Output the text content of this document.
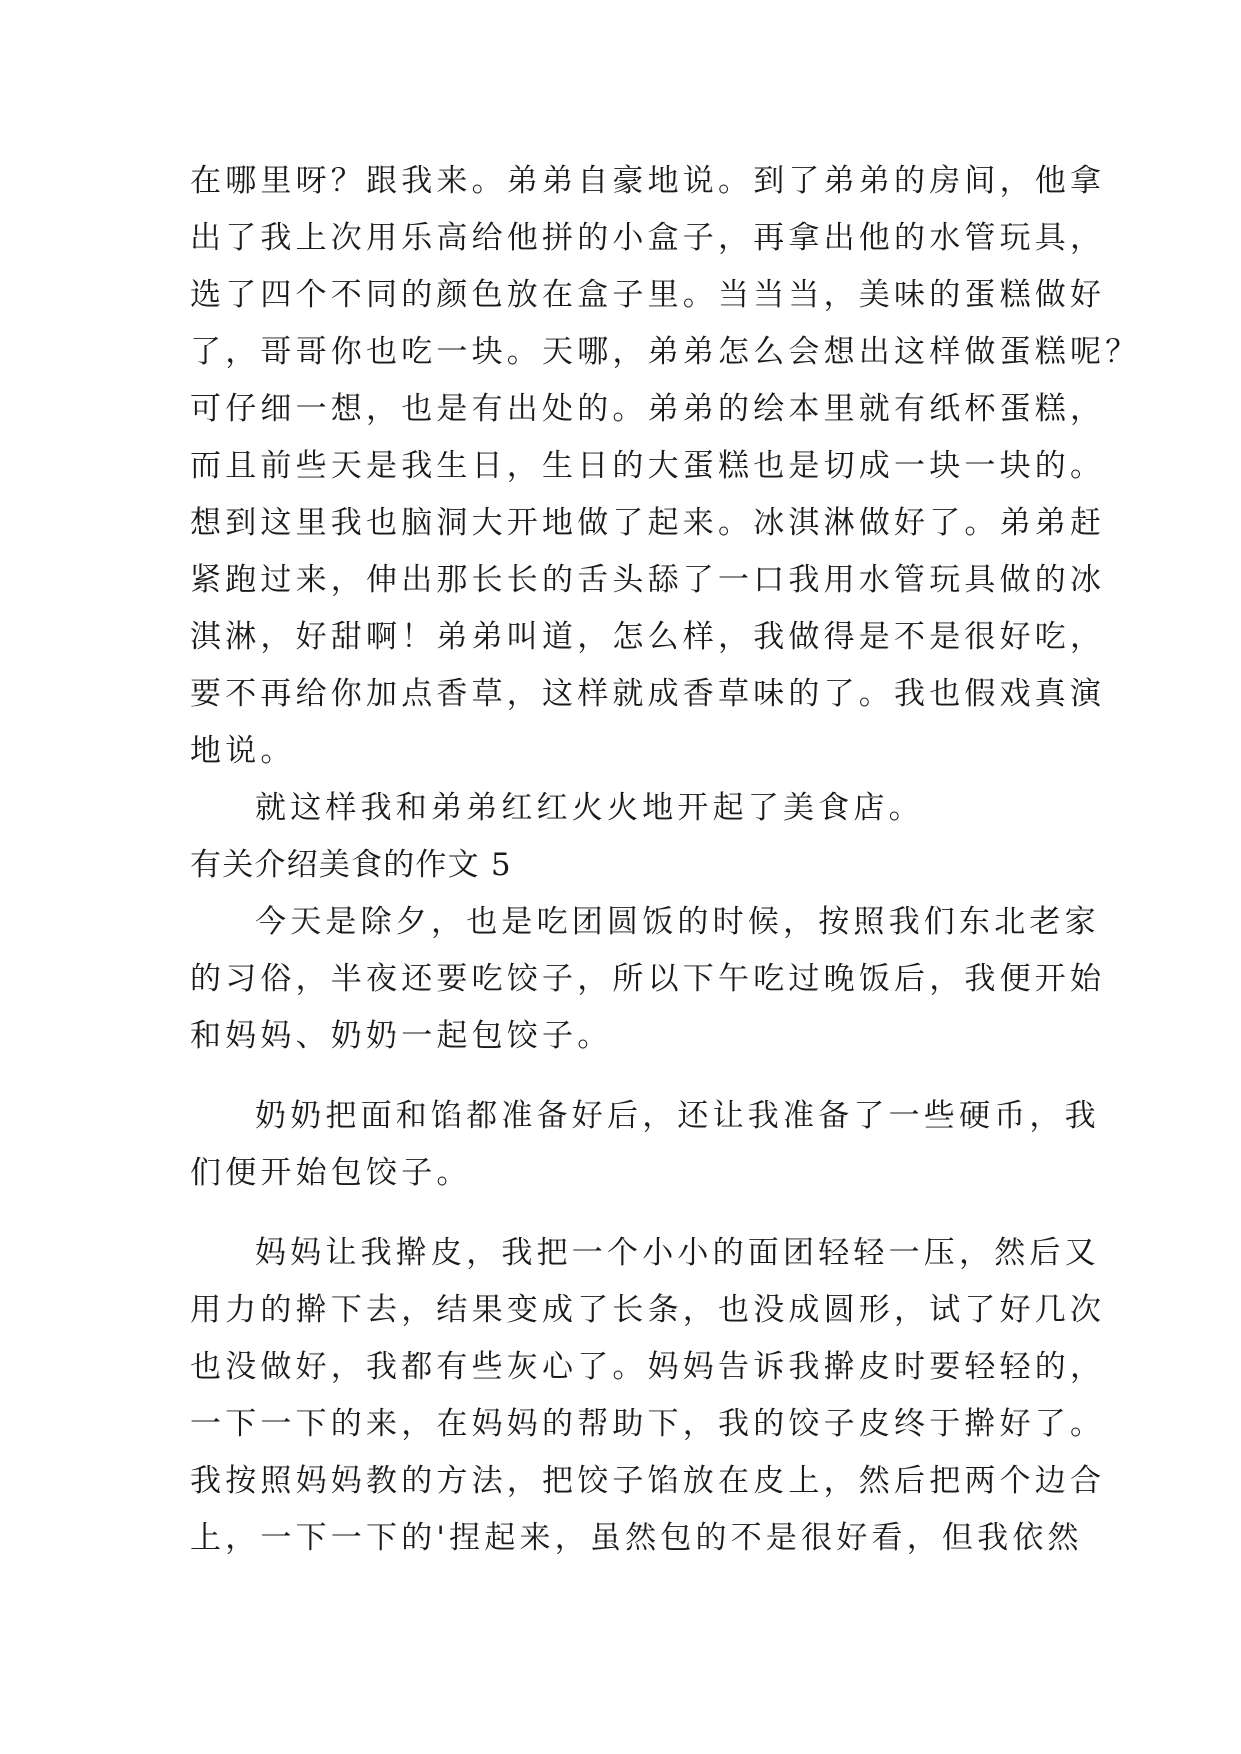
在哪里呀？跟我来。弟弟自豪地说。到了弟弟的房间，他拿
出了我上次用乐高给他拼的小盒子，再拿出他的水管玩具，
选了四个不同的颜色放在盒子里。当当当，美味的蛋糕做好
了，哥哥你也吃一块。天哪，弟弟怎么会想出这样做蛋糕呢？
可仔细一想，也是有出处的。弟弟的绘本里就有纸杯蛋糕，
而且前些天是我生日，生日的大蛋糕也是切成一块一块的。
想到这里我也脑洞大开地做了起来。冰淇淋做好了。弟弟赶
紧跑过来，伸出那长长的舌头舔了一口我用水管玩具做的冰
淇淋，好甜啊！弟弟叫道，怎么样，我做得是不是很好吃，
要不再给你加点香草，这样就成香草味的了。我也假戏真演
地说。
就这样我和弟弟红红火火地开起了美食店。
有关介绍美食的作文 5
今天是除夕，也是吃团圆饭的时候，按照我们东北老家
的习俗，半夜还要吃饺子，所以下午吃过晚饭后，我便开始
和妈妈、奶奶一起包饺子。
奶奶把面和馅都准备好后，还让我准备了一些硬币，我
们便开始包饺子。
妈妈让我擀皮，我把一个小小的面团轻轻一压，然后又
用力的擀下去，结果变成了长条，也没成圆形，试了好几次
也没做好，我都有些灰心了。妈妈告诉我擀皮时要轻轻的，
一下一下的来，在妈妈的帮助下，我的饺子皮终于擀好了。
我按照妈妈教的方法，把饺子馅放在皮上，然后把两个边合
上，一下一下的'捏起来，虽然包的不是很好看，但我依然
